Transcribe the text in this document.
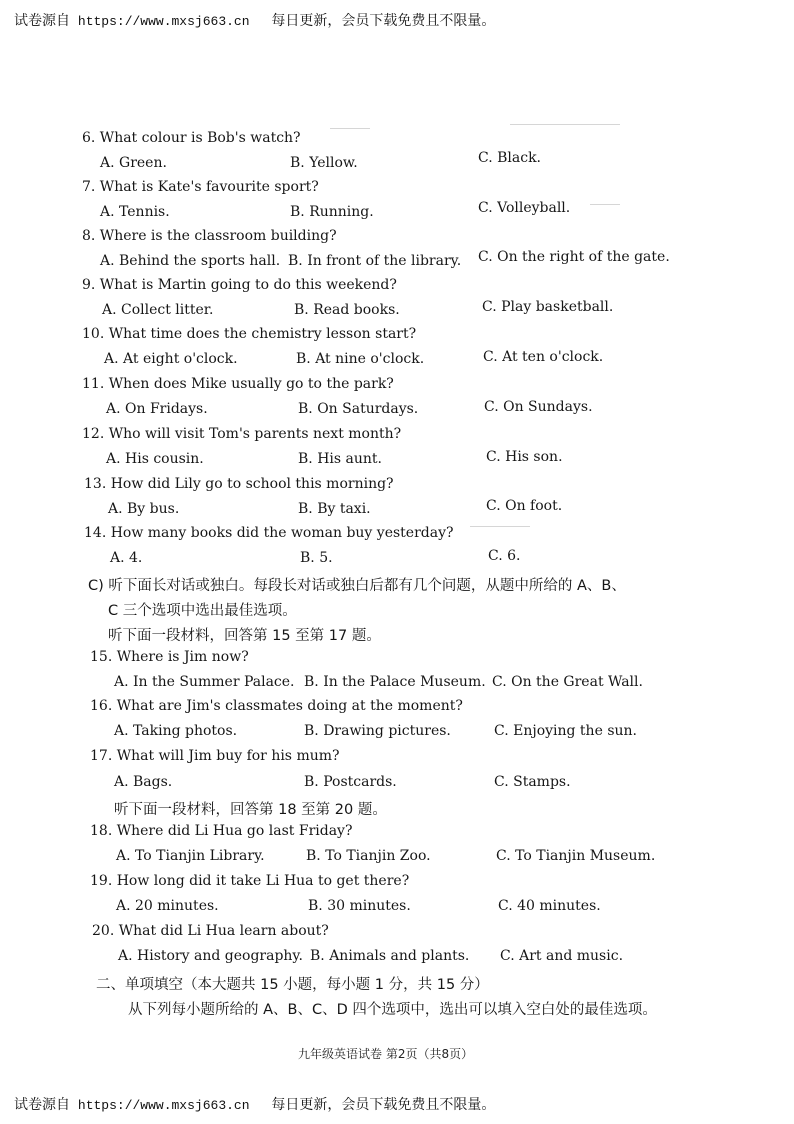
试卷源自 https://www.mxsj663.cn 每日更新，会员下载免费且不限量。
6. What colour is Bob's watch?
A. Green.	B. Yellow.	C. Black.
7. What is Kate's favourite sport?
A. Tennis.	B. Running.	C. Volleyball.
8. Where is the classroom building?
A. Behind the sports hall. B. In front of the library. C. On the right of the gate.
9. What is Martin going to do this weekend?
A. Collect litter.	B. Read books.	C. Play basketball.
10. What time does the chemistry lesson start?
A. At eight o'clock.	B. At nine o'clock.	C. At ten o'clock.
11. When does Mike usually go to the park?
A. On Fridays.	B. On Saturdays.	C. On Sundays.
12. Who will visit Tom's parents next month?
A. His cousin.	B. His aunt.	C. His son.
13. How did Lily go to school this morning?
A. By bus.	B. By taxi.	C. On foot.
14. How many books did the woman buy yesterday?
A. 4.	B. 5.	C. 6.
C) 听下面长对话或独白。每段长对话或独白后都有几个问题，从题中所给的 A、B、
C 三个选项中选出最佳选项。
听下面一段材料，回答第 15 至第 17 题。
15. Where is Jim now?
A. In the Summer Palace. B. In the Palace Museum. C. On the Great Wall.
16. What are Jim's classmates doing at the moment?
A. Taking photos.	B. Drawing pictures.	C. Enjoying the sun.
17. What will Jim buy for his mum?
A. Bags.	B. Postcards.	C. Stamps.
听下面一段材料，回答第 18 至第 20 题。
18. Where did Li Hua go last Friday?
A. To Tianjin Library.	B. To Tianjin Zoo.	C. To Tianjin Museum.
19. How long did it take Li Hua to get there?
A. 20 minutes.	B. 30 minutes.	C. 40 minutes.
20. What did Li Hua learn about?
A. History and geography. B. Animals and plants. C. Art and music.
二、单项填空（本大题共 15 小题，每小题 1 分，共 15 分）
从下列每小题所给的 A、B、C、D 四个选项中，选出可以填入空白处的最佳选项。
九年级英语试卷 第2页（共8页）
试卷源自 https://www.mxsj663.cn 每日更新，会员下载免费且不限量。
